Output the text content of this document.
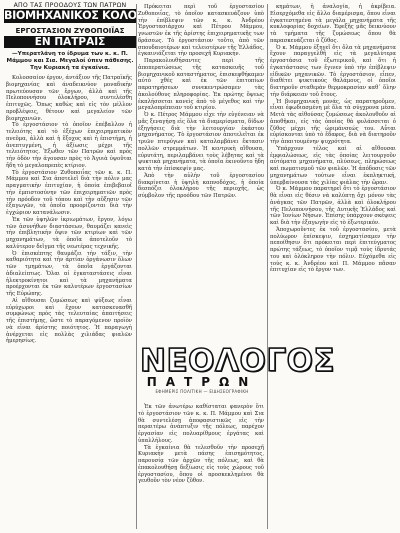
ΑΠΟ ΤΑΣ ΠΡΟΟΔΟΥΣ ΤΩΝ ΠΑΤΡΩΝ
ΒΙΟΜΗΧΑΝΙΚΟΣ ΚΟΛΟΣΣΟΣ
ΕΡΓΟΣΤΑΣΙΟΝ ΖΥΘΟΠΟΙΪΑΣ
ΕΝ ΠΑΤΡΑΙΣ
—Υπερατλάνη το ίδρυμα των κ. κ. Π. Μάμμου και Σια. Μεγαλοί ύπεν πάθεσης. Την Κυριακή τα έγκαίνια.

Κολοσσαίον έργον, άντάξιον τῆς Πατραϊκῆς βιομηχανίας καὶ άναδεικνύον μοναδικὴν πρωτεύουσαν τῶν ἔργων, ἀλλὰ καὶ τῆς Πελοποννήσου ὁλοκλήρου, συντελέσθη ἐπιτυχῶς. Ὅπως καθὼς καὶ εἰς τὸν μέλλον προβλέψεις, θέτουν καὶ μεγαλείον τῶν βιομηχανιῶν.

Τὸ ἐργοστάσιον τὸ ὁποῖον ἐπέβαλλον ἡ τελειότης καὶ τὸ ἐξέχων ἐπιχειρηματικὸν πνεῦμα, ἀλλὰ καὶ ἡ ἔξοχος καὶ ἡ ἐπιστήμη, ἡ ἀνεπτυγμένη, ἡ ἀξίωσις μέχρι τῆς τελειότητος. Ἐξωθεν τῶν Πατρῶν καὶ πρὸς τὴν ὁδὸν τὴν ἀγουσαν πρὸς τὸ Ἀγυιὰ ὑψοῦται ἤδη τὸ μεγαλοπρεπὲς κτίριον.

Τὸ ἐργοστάσιον Ζυθοποιΐας τῶν κ. κ. Π. Μάμμου καὶ Σια ἀποτελεῖ διὰ τὴν πόλιν μας πραγματικὴν ἐπιτυχίαν, ἡ ὁποία ἐπιβεβαιοῖ τὴν ἐμπιστοσύνην τῶν ἐπιχειρηματιῶν πρὸς τὴν πρόοδον τοῦ τόπου καὶ τὴν αὔξησιν τῶν ἐξαγωγῶν, τὰ ὁποῖα προορίζονται διὰ τὴν ἐγχώριον κατανάλωσιν.

Ἐκ τῶν ὑψηλῶν ἱκριωμάτων, ἔργον, λόγω τῶν ἀσυνήθων διαστάσεων, θαυμάζει κανεὶς τὴν ἐπιβλητικὴν ὄψιν τῶν κτιρίων καὶ τῶν μηχανημάτων, τὰ ὁποῖα ἀποτελοῦν τὸ καλύτερον δεῖγμα τῆς νεωτέρας τεχνικῆς.

Ὁ ἐπισκέπτης θαυμάζει τὴν τάξιν, τὴν καθαριότητα καὶ τὴν ἀρτίαν ὀργάνωσιν ὅλων τῶν τμημάτων, τὰ ὁποῖα ἐργάζονται ἀδιαλείπτως. Ὅλαι αἱ ἐγκαταστάσεις εἶναι ἠλεκτροκίνητοι καὶ τὰ μηχανήματα προέρχονται ἐκ τῶν καλυτέρων ἐργοστασίων τῆς Εὐρώπης.

Αἱ αἴθουσαι ζυμώσεως καὶ ψύξεως εἶναι εὐρύχωροι καὶ ἔχουν κατασκευασθῆ συμφώνως πρὸς τὰς τελευταίας ἀπαιτήσεις τῆς ἐπιστήμης, ὥστε τὸ παραγόμενον προϊὸν νὰ εἶναι ἀρίστης ποιότητος. Ἡ παραγωγὴ ἀνέρχεται εἰς πολλὰς χιλιάδας φιαλῶν ἡμερησίως.

Πρόκειται περὶ τοῦ ἐργοστασίου Ζυθοποιΐας, τὸ ὁποῖον κατασκευάζουν ὑπὸ τὴν ἐπίβλεψιν τῶν κ. κ. Ἀνδρέου Ἐργοστασιάρχου καὶ Πέτρου Μάμμου, γνωστῶν ἐκ τῆς ἀρίστης ἐπιχειρηματικῆς των δράσεως. Τὸ ἐργοστάσιον τοῦτο, ἀπὸ τῶν σπουδαιοτέρων καὶ τελειοτέρων τῆς Ἑλλάδος, ἐγκαινιάζεται τὴν προσεχῆ Κυριακήν.

Παρακολουθήσαντες περὶ τῆς ἀποπερατώσεως τῆς κατασκευῆς τοῦ βιομηχανικοῦ καταστήματος, ἐπισκεφθήκαμεν αὐτὸ χθές καὶ ἐκ τῶν ἐπιτοπίων παρατηρήσεων συνεκεντρώσαμεν τὰς ἀκολούθους πληροφορίας. Ἐκ πρώτης ὄψεως ἐκπλήσσεται κανεὶς ἀπὸ τὸ μέγεθος καὶ τὴν μεγαλοπρέπειαν τοῦ κτιρίου.

Ὁ κ. Πέτρος Μάμμου εἶχε τὴν εὐγένειαν νὰ μᾶς ξεναγήσῃ εἰς ὅλα τὰ διαμερίσματα, δίδων ἐξηγήσεις διὰ τὴν λειτουργίαν ἑκάστου μηχανήματος. Τὸ ἐργοστάσιον ἀποτελεῖται ἐκ τριῶν πτερύγων καὶ καταλαμβάνει ἔκτασιν πολλῶν στρεμμάτων. Ἡ κεντρικὴ αἴθουσα, εὐρυτάτη, περιλαμβάνει τοὺς λέβητας καὶ τὰ ψυκτικὰ μηχανήματα, τὰ ὁποῖα ἐκινοῦντο ἤδη κατὰ τὴν ἐπίσκεψίν μας.

Ἀπὸ τὴν αὐλὴν τοῦ ἐργοστασίου διακρίνεται ἡ ὑψηλὴ καπνοδόχος, ἡ ὁποία δεσπόζει ὁλοκλήρου τῆς περιοχῆς, ὡς σύμβολον τῆς προόδου τῶν Πατρῶν.

ΝΕΟΛΟΓΟΣ
ΠΑΤΡΩΝ
ΕΦΗΜΕΡΙΣ ΠΟΛΙΤΙΚΗ — ΕΙΔΗΣΕΟΓΡΑΦΙΚΗ

Ἐκ τῶν ἀνωτέρω καθίσταται φανερὸν ὅτι τὸ ἐργοστάσιον τῶν κ. κ. Π. Μάμμου καὶ Σια θὰ συντελέσῃ ἀποφασιστικῶς εἰς τὴν περαιτέρω ἀνάπτυξιν τῆς πόλεως, παρέχον ἐργασίαν εἰς πολυαρίθμους ἐργάτας καὶ ὑπαλλήλους.

Τὰ ἐγκαίνια θὰ τελεσθοῦν τὴν προσεχῆ Κυριακὴν μετὰ πάσης ἐπισημότητος, παρουσίᾳ τῶν ἀρχῶν τῆς πόλεως, καὶ θὰ ἐπακολουθήσῃ δεξίωσις εἰς τοὺς χώρους τοῦ ἐργοστασίου, ὅπου οἱ προσκεκλημένοι θὰ γευθοῦν τὸν νέον ζῦθον.

κημάτων, ἡ ἀναλογία, ἡ ἀκρίβεια. Εἰσερχόμεθα εἰς ἄλλο διαμέρισμα, ὅπου εἶναι ἐγκατεστημένα τὰ μεγάλα μηχανήματα τῆς κυκλοφορίας δοχείων. Ἐφεξῆς μᾶς δεικνύουν τὰ τμήματα τῆς ζυμώσεως ὅπου θὰ παρασκευάζεται ὁ ζῦθος.

Ὁ κ. Μάμμου ἐξηγεῖ ὅτι ὅλα τὰ μηχανήματα ἔχουν παραγγελθῆ εἰς τὰ μεγαλύτερα ἐργοστάσια τοῦ ἐξωτερικοῦ, καὶ ὅτι ἡ ἐγκατάστασις των ἔγινεν ὑπὸ τὴν ἐπίβλεψιν εἰδικῶν μηχανικῶν. Τὸ ἐργοστάσιον, εἶπεν, διαθέτει ψυκτικοὺς θαλάμους, οἱ ὁποῖοι διατηροῦν σταθερὰν θερμοκρασίαν καθ᾽ ὅλην τὴν διάρκειαν τοῦ ἔτους.

Ἡ βιομηχανικὴ μονάς, ὡς παρατηροῦμεν, εἶναι ἐφωδιασμένη μὲ ὅλα τὰ σύγχρονα μέσα. Μετὰ τὰς αἰθούσας ζυμώσεως ἀκολουθοῦν αἱ ἀποθῆκαι, εἰς τὰς ὁποίας θὰ φυλάσσεται ὁ ζῦθος μέχρι τῆς ὡριμάνσεώς του. Αὗται εὑρίσκονται ὑπὸ τὸ ἔδαφος, διὰ νὰ διατηροῦν τὴν ἀπαιτουμένην ψυχρότητα.

Ὑπάρχουν τέλος καὶ αἱ αἴθουσαι ἐμφιαλώσεως, εἰς τὰς ὁποίας λειτουργοῦν αὐτόματα μηχανήματα, πλύσεως, πληρώσεως καὶ πωματισμοῦ τῶν φιαλῶν. Ἡ ἀπόδοσις τῶν μηχανημάτων τούτων εἶναι ἐκπληκτική, ὑπερβαίνουσα τὰς χιλίας φιάλας τὴν ὥραν.

Ὁ κ. Μάμμου παρατηρεῖ ὅτι τὸ ἐργοστάσιον θὰ εἶναι εἰς θέσιν νὰ καλύπτῃ ὄχι μόνον τὰς ἀνάγκας τῶν Πατρῶν, ἀλλὰ καὶ ὁλοκλήρου τῆς Πελοποννήσου, τῆς Δυτικῆς Ἑλλάδος καὶ τῶν Ἰονίων Νήσων. Ἐπίσης ὑπάρχουν σκέψεις καὶ διὰ τὴν ἐξαγωγὴν εἰς τὸ ἐξωτερικόν.

Ἀποχωροῦντες ἐκ τοῦ ἐργοστασίου, μετὰ πολύωρον ἐπίσκεψιν, ἐσχηματίσαμεν τὴν πεποίθησιν ὅτι πρόκειται περὶ ἐπιτεύγματος πρώτης τάξεως, τὸ ὁποῖον τιμᾷ τοὺς ἱδρυτάς του καὶ ὁλόκληρον τὴν πόλιν. Εὐχόμεθα εἰς τοὺς κ. κ. Ἀνδρέου καὶ Π. Μάμμου πᾶσαν ἐπιτυχίαν εἰς τὸ ἔργον των.
